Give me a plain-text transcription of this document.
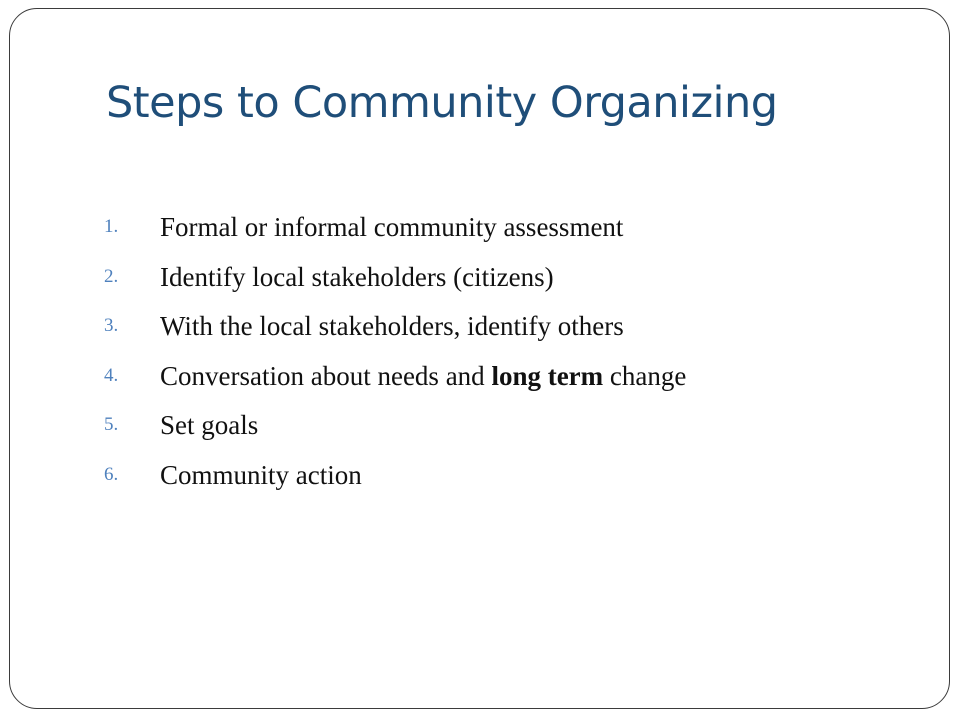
Steps to Community Organizing
1.	Formal or informal community assessment
2.	Identify local stakeholders (citizens)
3.	With the local stakeholders, identify others
4.	Conversation about needs and long term change
5.	Set goals
6.	Community action
